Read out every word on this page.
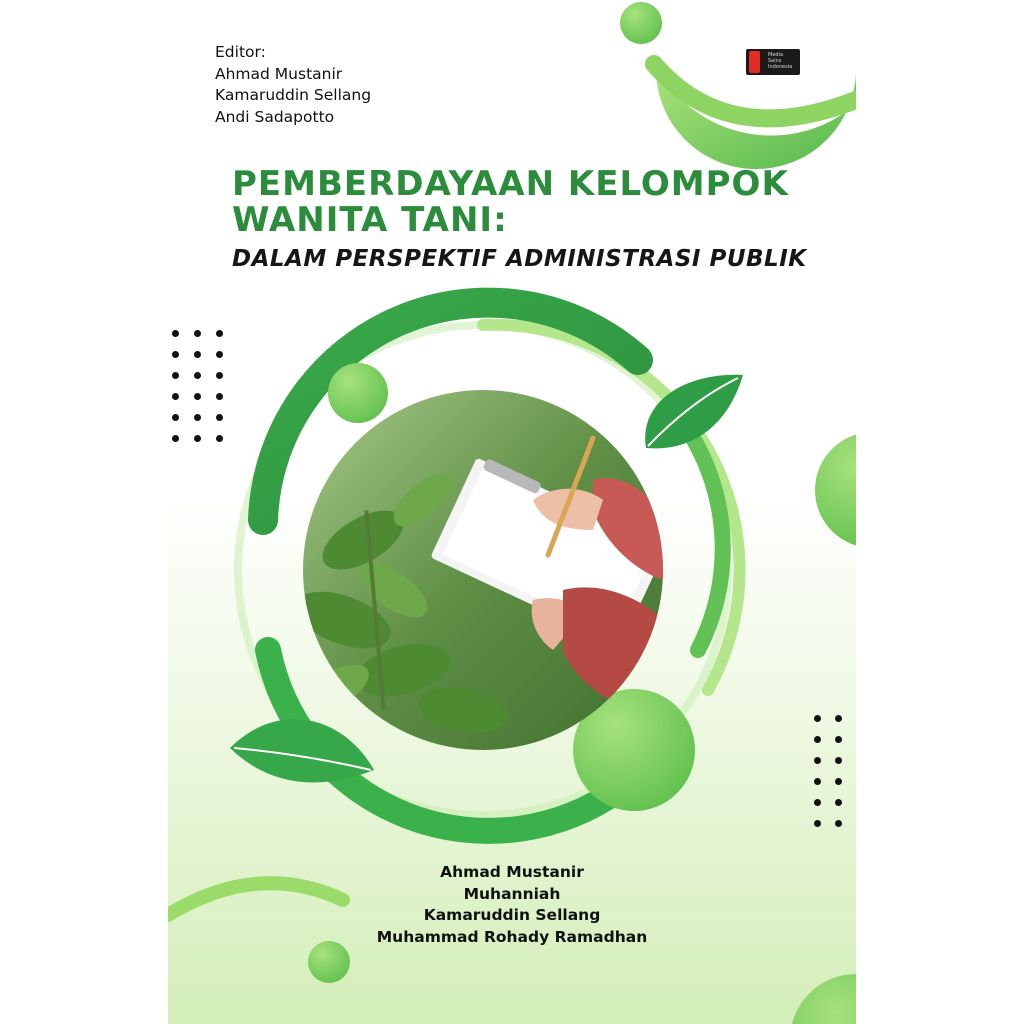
Editor:
Ahmad Mustanir
Kamaruddin Sellang
Andi Sadapotto
Media
Sains
Indonesia
PEMBERDAYAAN KELOMPOK
WANITA TANI:
DALAM PERSPEKTIF ADMINISTRASI PUBLIK
Ahmad Mustanir
Muhanniah
Kamaruddin Sellang
Muhammad Rohady Ramadhan
